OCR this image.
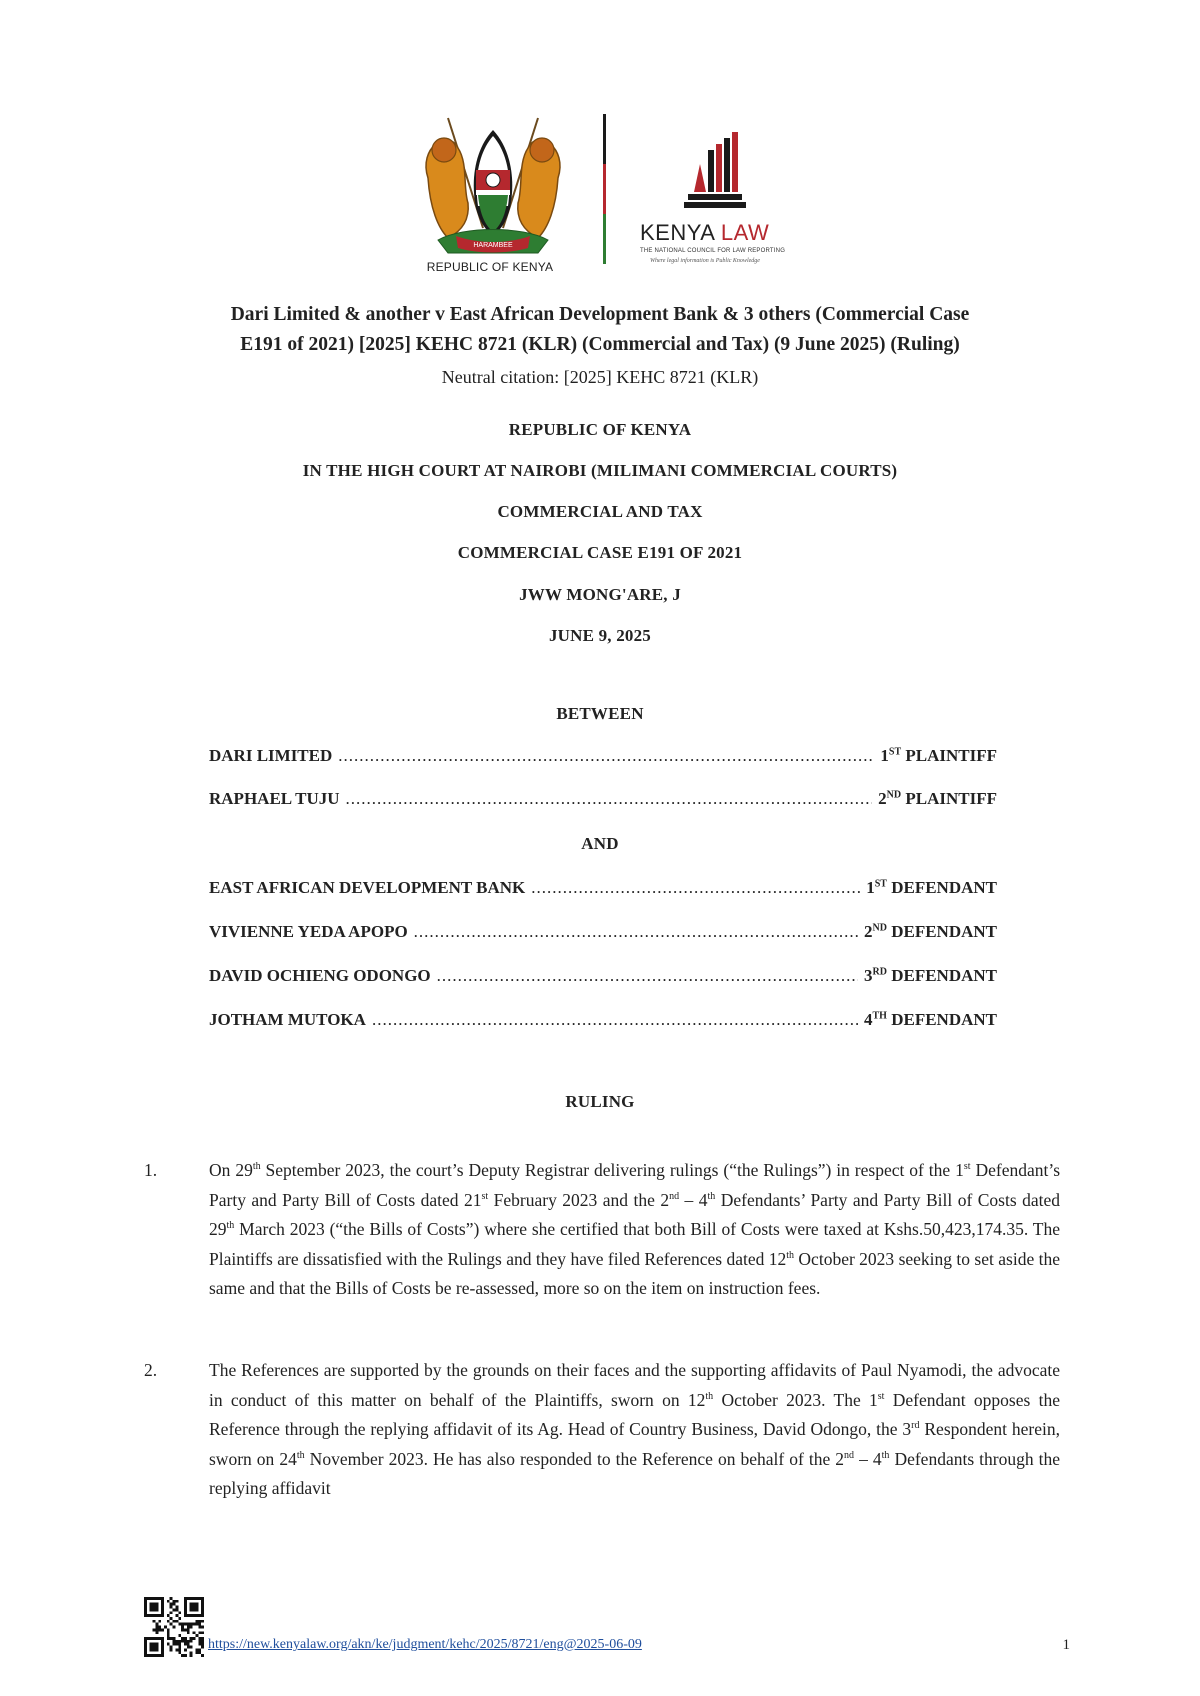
HARAMBEE
REPUBLIC OF KENYA
KENYA LAW
THE NATIONAL COUNCIL FOR LAW REPORTING
Where legal information is Public Knowledge
Dari Limited & another v East African Development Bank & 3 others (Commercial Case
E191 of 2021) [2025] KEHC 8721 (KLR) (Commercial and Tax) (9 June 2025) (Ruling)
Neutral citation: [2025] KEHC 8721 (KLR)
REPUBLIC OF KENYA
IN THE HIGH COURT AT NAIROBI (MILIMANI COMMERCIAL COURTS)
COMMERCIAL AND TAX
COMMERCIAL CASE E191 OF 2021
JWW MONG'ARE, J
JUNE 9, 2025
BETWEEN
DARI LIMITED .....	1ST PLAINTIFF
RAPHAEL TUJU .....	2ND PLAINTIFF
AND
EAST AFRICAN DEVELOPMENT BANK .....	1ST DEFENDANT
VIVIENNE YEDA APOPO .....	2ND DEFENDANT
DAVID OCHIENG ODONGO .....	3RD DEFENDANT
JOTHAM MUTOKA .....	4TH DEFENDANT
RULING
1.	On 29th September 2023, the court’s Deputy Registrar delivering rulings (“the Rulings”) in respect of the 1st Defendant’s Party and Party Bill of Costs dated 21st February 2023 and the 2nd – 4th Defendants’ Party and Party Bill of Costs dated 29th March 2023 (“the Bills of Costs”) where she certified that both Bill of Costs were taxed at Kshs.50,423,174.35. The Plaintiffs are dissatisfied with the Rulings and they have filed References dated 12th October 2023 seeking to set aside the same and that the Bills of Costs be re-assessed, more so on the item on instruction fees.
2.	The References are supported by the grounds on their faces and the supporting affidavits of Paul Nyamodi, the advocate in conduct of this matter on behalf of the Plaintiffs, sworn on 12th October 2023. The 1st Defendant opposes the Reference through the replying affidavit of its Ag. Head of Country Business, David Odongo, the 3rd Respondent herein, sworn on 24th November 2023. He has also responded to the Reference on behalf of the 2nd – 4th Defendants through the replying affidavit
https://new.kenyalaw.org/akn/ke/judgment/kehc/2025/8721/eng@2025-06-09	1
